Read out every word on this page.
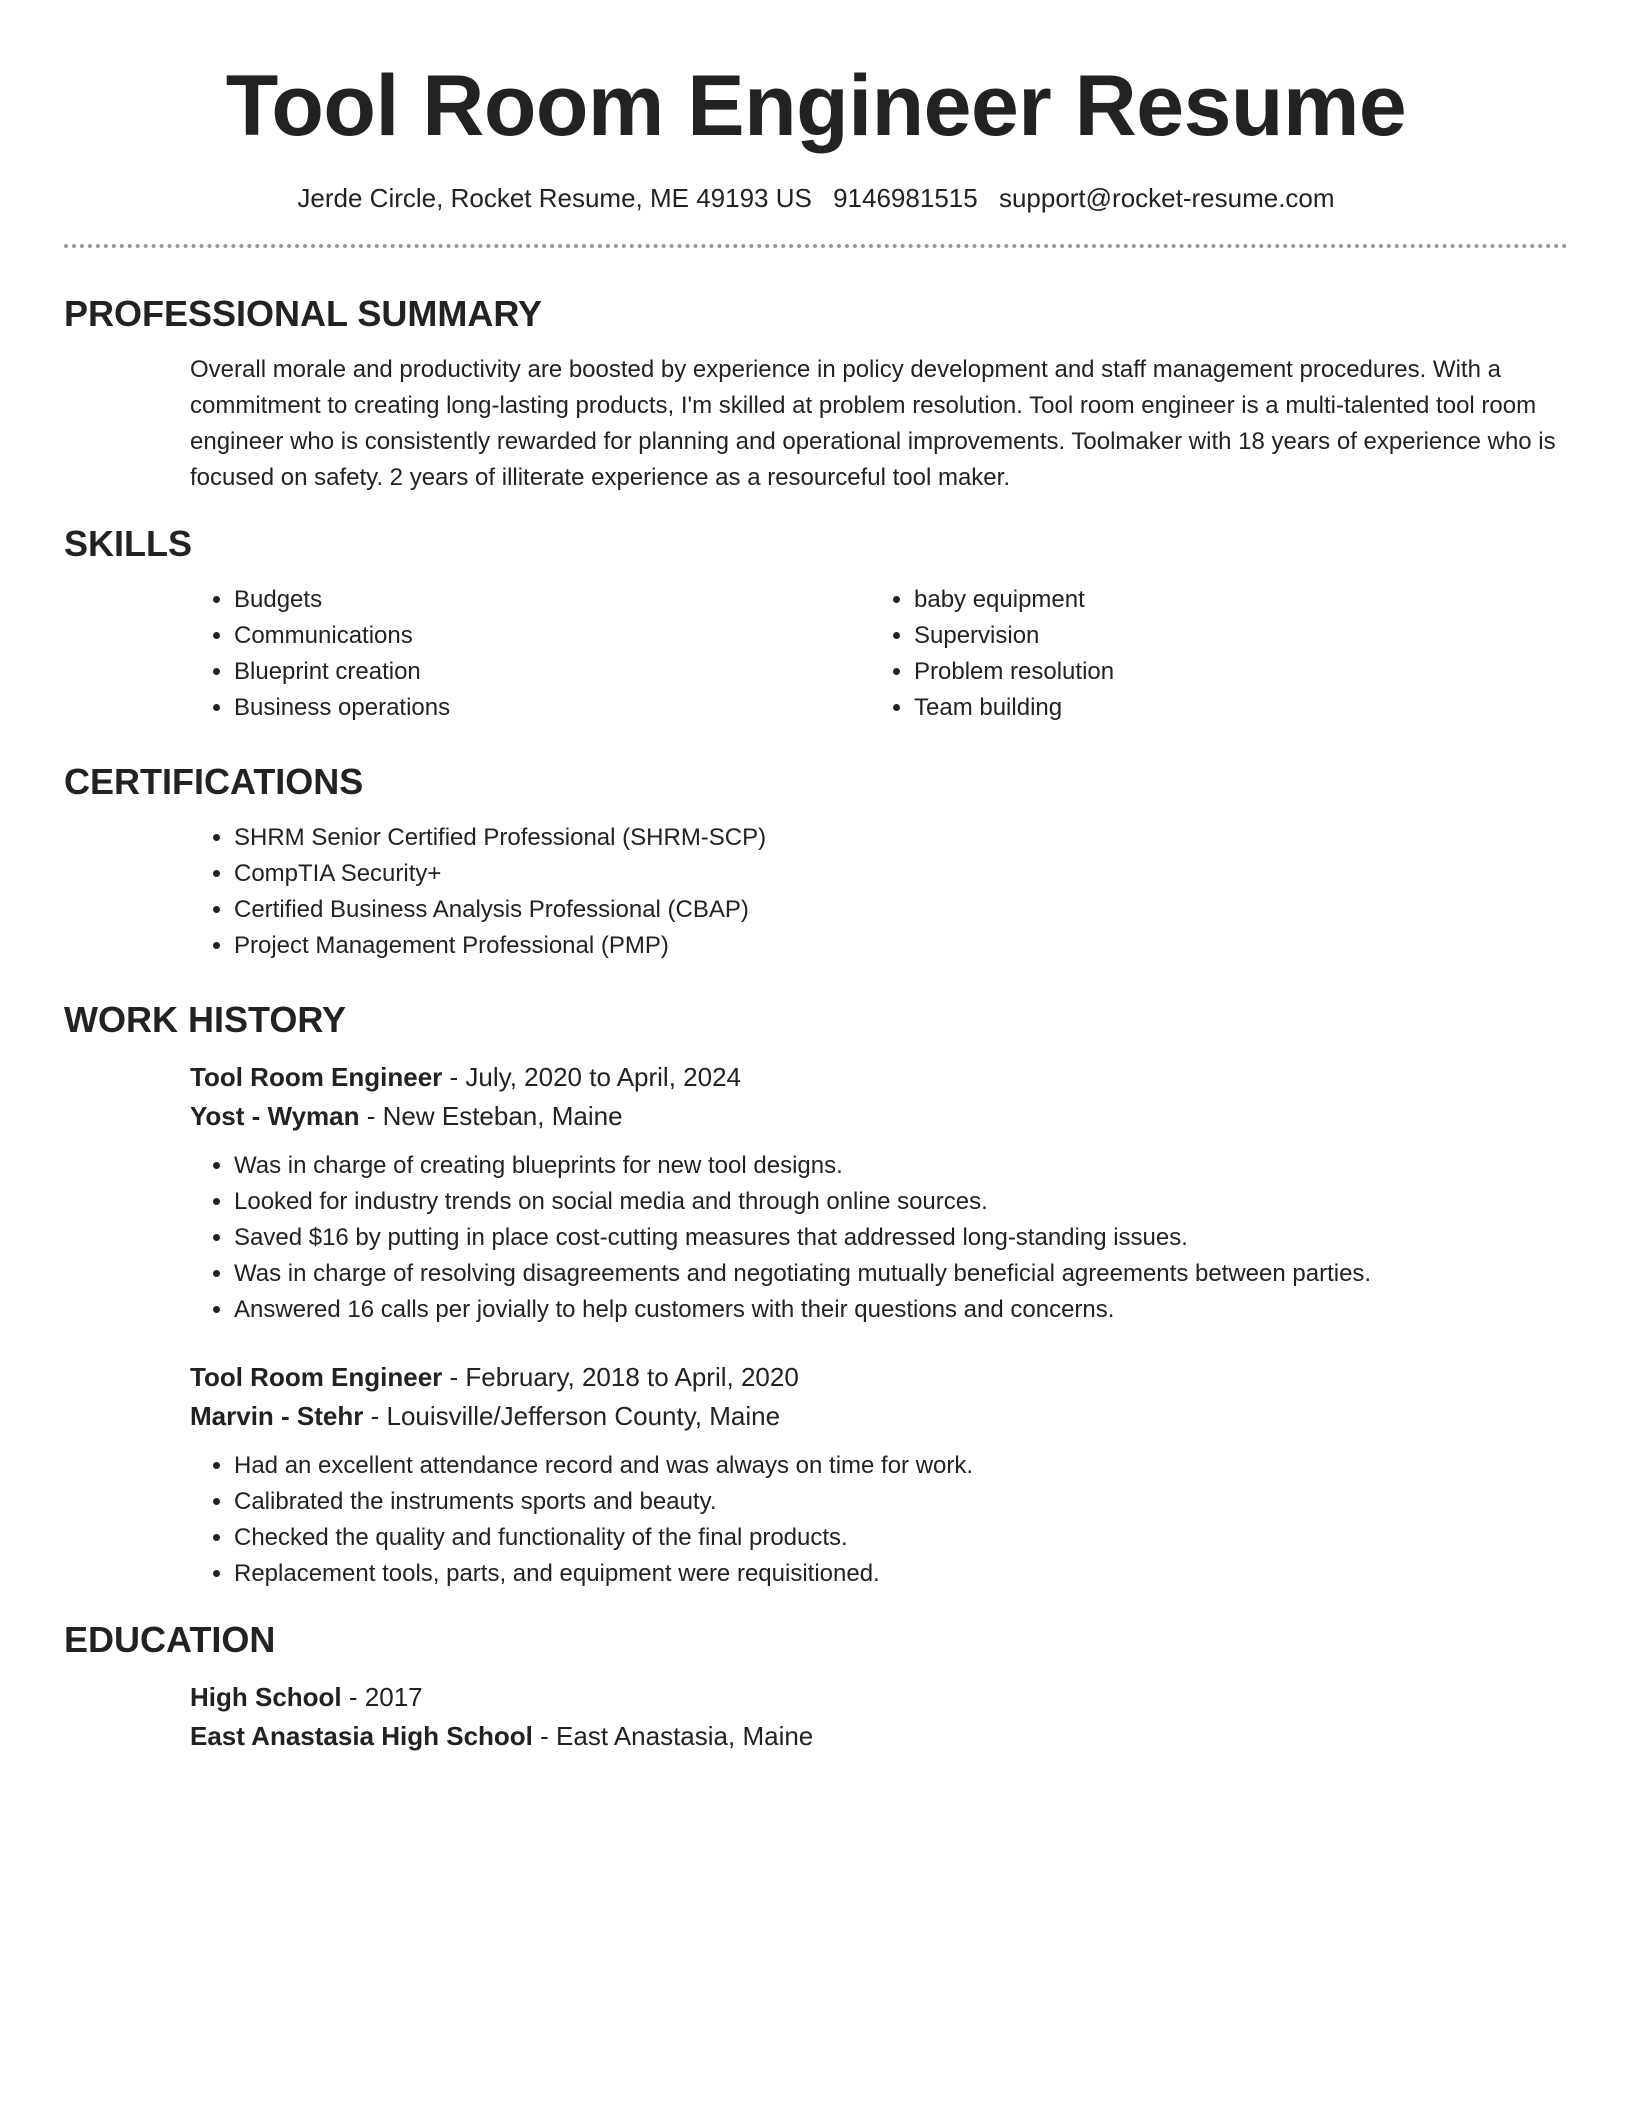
Tool Room Engineer Resume
Jerde Circle, Rocket Resume, ME 49193 US 9146981515 support@rocket-resume.com
PROFESSIONAL SUMMARY
Overall morale and productivity are boosted by experience in policy development and staff management procedures. With a commitment to creating long-lasting products, I'm skilled at problem resolution. Tool room engineer is a multi-talented tool room engineer who is consistently rewarded for planning and operational improvements. Toolmaker with 18 years of experience who is focused on safety. 2 years of illiterate experience as a resourceful tool maker.
SKILLS
• Budgets
• Communications
• Blueprint creation
• Business operations
• baby equipment
• Supervision
• Problem resolution
• Team building
CERTIFICATIONS
• SHRM Senior Certified Professional (SHRM-SCP)
• CompTIA Security+
• Certified Business Analysis Professional (CBAP)
• Project Management Professional (PMP)
WORK HISTORY
Tool Room Engineer - July, 2020 to April, 2024
Yost - Wyman - New Esteban, Maine
• Was in charge of creating blueprints for new tool designs.
• Looked for industry trends on social media and through online sources.
• Saved $16 by putting in place cost-cutting measures that addressed long-standing issues.
• Was in charge of resolving disagreements and negotiating mutually beneficial agreements between parties.
• Answered 16 calls per jovially to help customers with their questions and concerns.
Tool Room Engineer - February, 2018 to April, 2020
Marvin - Stehr - Louisville/Jefferson County, Maine
• Had an excellent attendance record and was always on time for work.
• Calibrated the instruments sports and beauty.
• Checked the quality and functionality of the final products.
• Replacement tools, parts, and equipment were requisitioned.
EDUCATION
High School - 2017
East Anastasia High School - East Anastasia, Maine
